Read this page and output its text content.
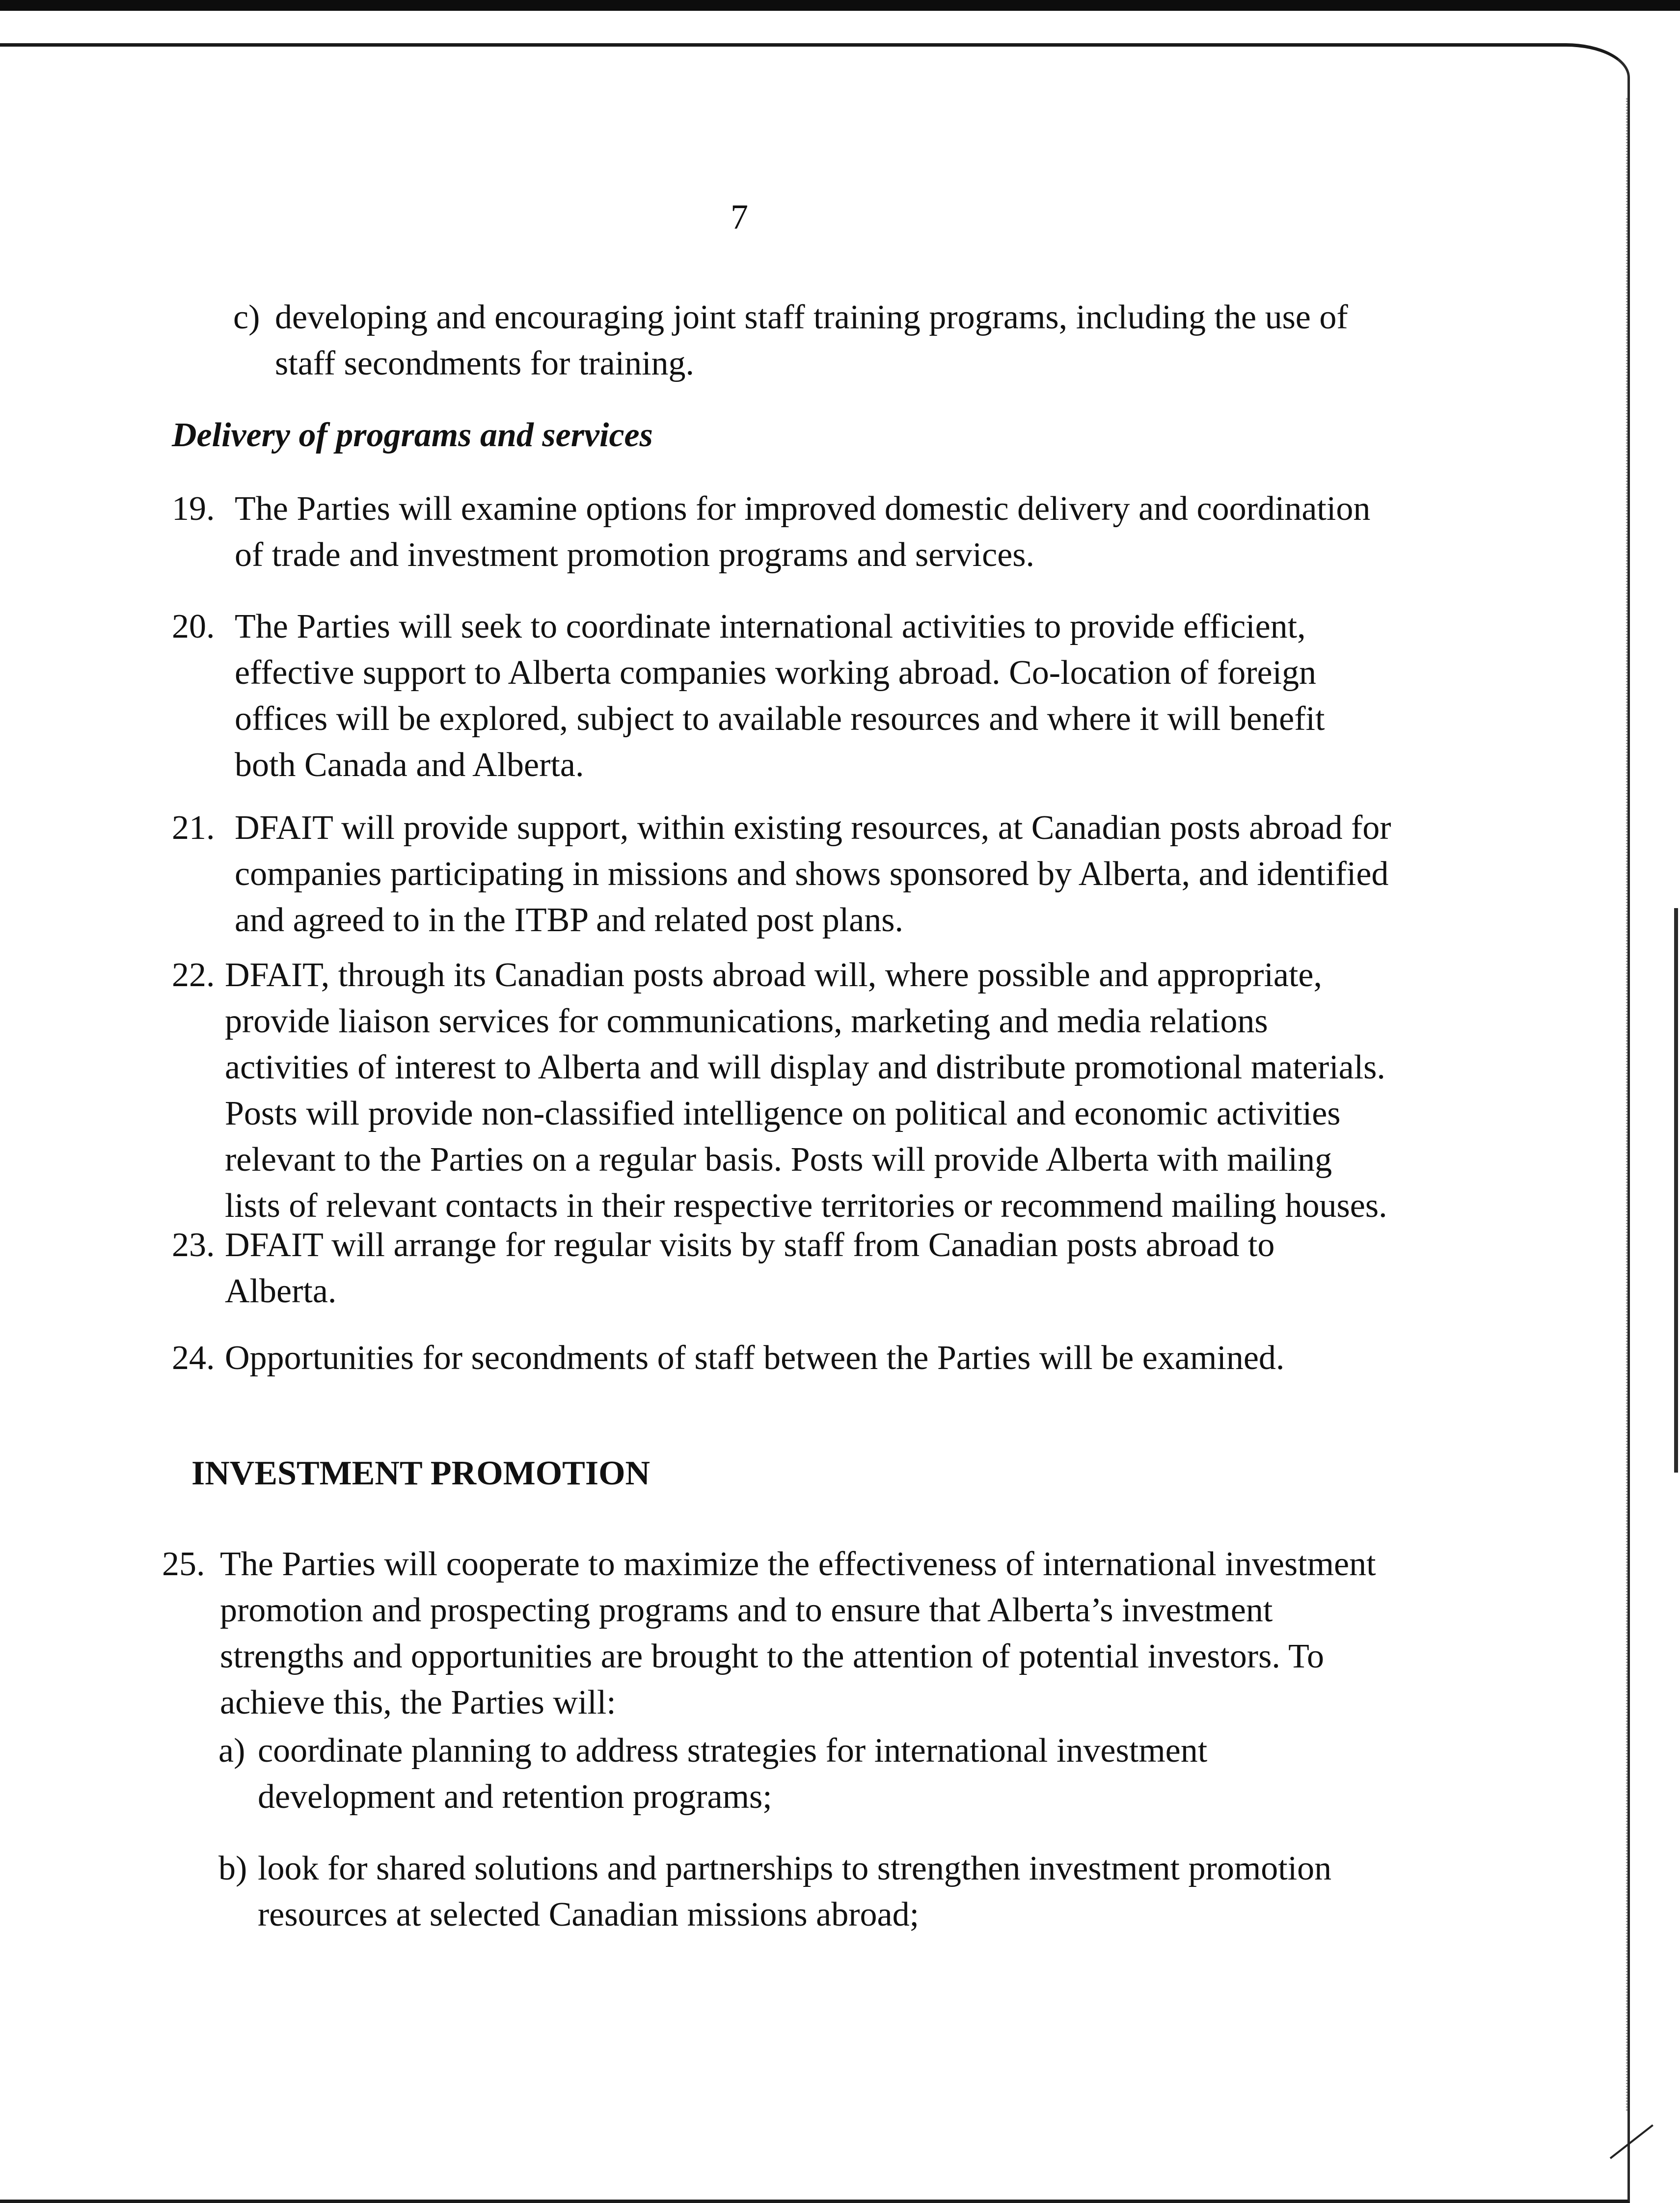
7
c) developing and encouraging joint staff training programs, including the use of
staff secondments for training.
Delivery of programs and services
19. The Parties will examine options for improved domestic delivery and coordination
of trade and investment promotion programs and services.
20. The Parties will seek to coordinate international activities to provide efficient,
effective support to Alberta companies working abroad. Co-location of foreign
offices will be explored, subject to available resources and where it will benefit
both Canada and Alberta.
21. DFAIT will provide support, within existing resources, at Canadian posts abroad for
companies participating in missions and shows sponsored by Alberta, and identified
and agreed to in the ITBP and related post plans.
22. DFAIT, through its Canadian posts abroad will, where possible and appropriate,
provide liaison services for communications, marketing and media relations
activities of interest to Alberta and will display and distribute promotional materials.
Posts will provide non-classified intelligence on political and economic activities
relevant to the Parties on a regular basis. Posts will provide Alberta with mailing
lists of relevant contacts in their respective territories or recommend mailing houses.
23. DFAIT will arrange for regular visits by staff from Canadian posts abroad to
Alberta.
24. Opportunities for secondments of staff between the Parties will be examined.
INVESTMENT PROMOTION
25. The Parties will cooperate to maximize the effectiveness of international investment
promotion and prospecting programs and to ensure that Alberta’s investment
strengths and opportunities are brought to the attention of potential investors. To
achieve this, the Parties will:
a) coordinate planning to address strategies for international investment
development and retention programs;
b) look for shared solutions and partnerships to strengthen investment promotion
resources at selected Canadian missions abroad;
